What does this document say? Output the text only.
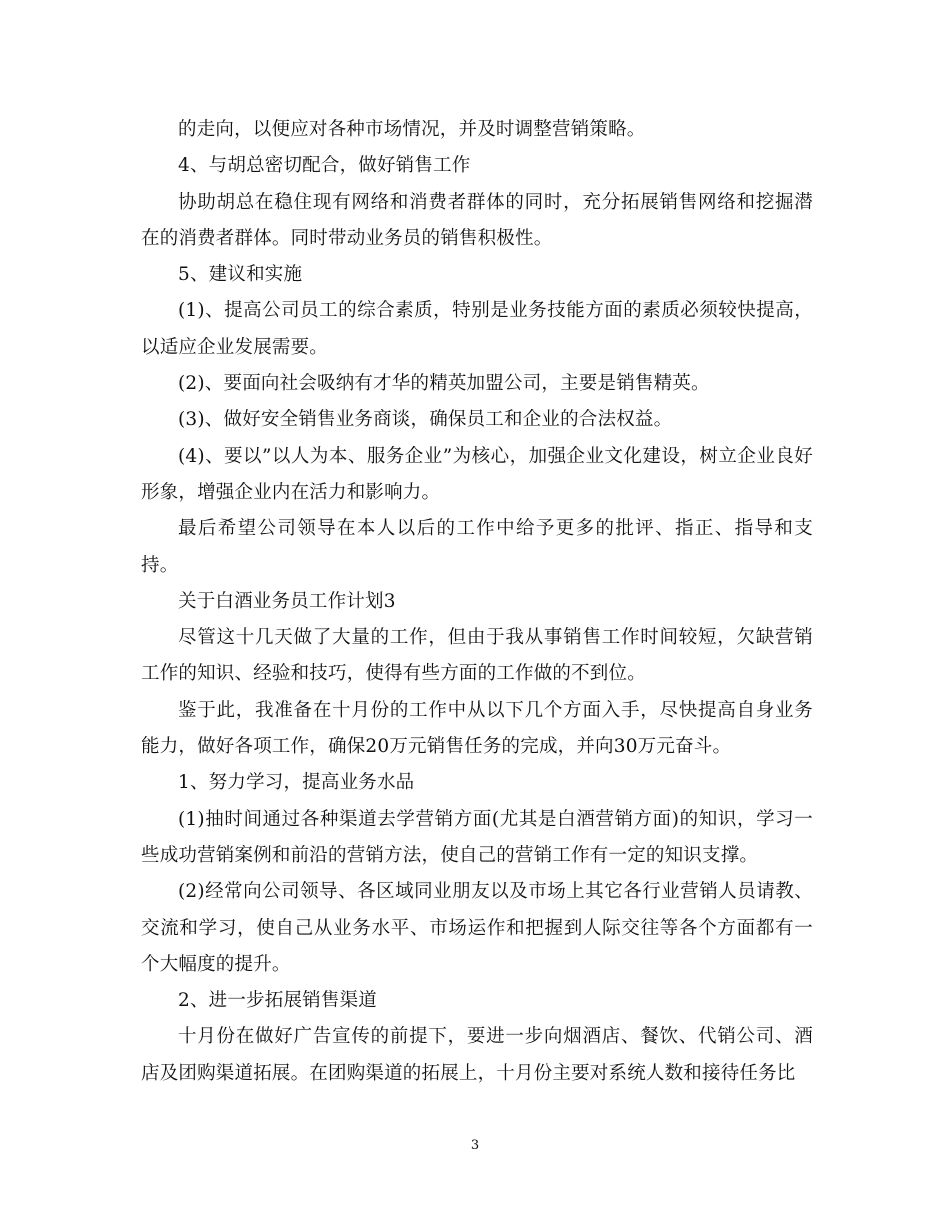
的走向，以便应对各种市场情况，并及时调整营销策略。

4、与胡总密切配合，做好销售工作

协助胡总在稳住现有网络和消费者群体的同时，充分拓展销售网络和挖掘潜在的消费者群体。同时带动业务员的销售积极性。

5、建议和实施

(1)、提高公司员工的综合素质，特别是业务技能方面的素质必须较快提高，以适应企业发展需要。

(2)、要面向社会吸纳有才华的精英加盟公司，主要是销售精英。

(3)、做好安全销售业务商谈，确保员工和企业的合法权益。

(4)、要以”以人为本、服务企业”为核心，加强企业文化建设，树立企业良好形象，增强企业内在活力和影响力。

最后希望公司领导在本人以后的工作中给予更多的批评、指正、指导和支持。

关于白酒业务员工作计划3

尽管这十几天做了大量的工作，但由于我从事销售工作时间较短，欠缺营销工作的知识、经验和技巧，使得有些方面的工作做的不到位。

鉴于此，我准备在十月份的工作中从以下几个方面入手，尽快提高自身业务能力，做好各项工作，确保20万元销售任务的完成，并向30万元奋斗。

1、努力学习，提高业务水品

(1)抽时间通过各种渠道去学营销方面(尤其是白酒营销方面)的知识，学习一些成功营销案例和前沿的营销方法，使自己的营销工作有一定的知识支撑。

(2)经常向公司领导、各区域同业朋友以及市场上其它各行业营销人员请教、交流和学习，使自己从业务水平、市场运作和把握到人际交往等各个方面都有一个大幅度的提升。

2、进一步拓展销售渠道

十月份在做好广告宣传的前提下，要进一步向烟酒店、餐饮、代销公司、酒店及团购渠道拓展。在团购渠道的拓展上，十月份主要对系统人数和接待任务比

3
